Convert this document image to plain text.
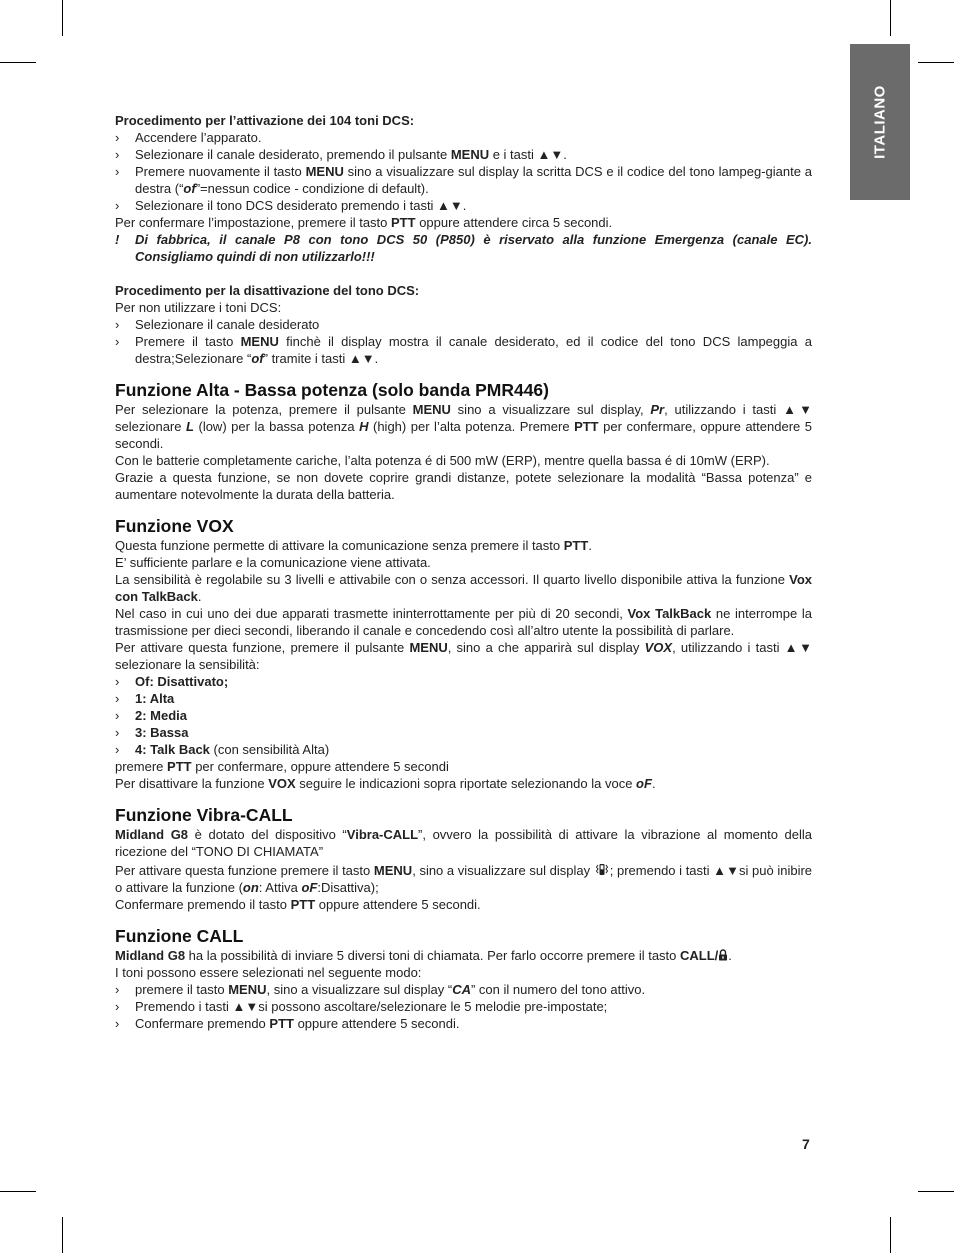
ITALIANO

Procedimento per l’attivazione dei 104 toni DCS:

› Accendere l’apparato.
› Selezionare il canale desiderato, premendo il pulsante MENU e i tasti ▲▼.
› Premere nuovamente il tasto MENU sino a visualizzare sul display la scritta DCS e il codice del tono lampeg-giante a destra (“of”=nessun codice - condizione di default).
› Selezionare il tono DCS desiderato premendo i tasti ▲▼.

Per confermare l’impostazione, premere il tasto PTT oppure attendere circa 5 secondi.

! Di fabbrica, il canale P8 con tono DCS 50 (P850) è riservato alla funzione Emergenza (canale EC). Consigliamo quindi di non utilizzarlo!!!

Procedimento per la disattivazione del tono DCS:

Per non utilizzare i toni DCS:

› Selezionare il canale desiderato
› Premere il tasto MENU finchè il display mostra il canale desiderato, ed il codice del tono DCS lampeggia a destra;Selezionare “of” tramite i tasti ▲▼.
Funzione Alta - Bassa potenza (solo banda PMR446)

Per selezionare la potenza, premere il pulsante MENU sino a visualizzare sul display, Pr, utilizzando i tasti ▲▼ selezionare L (low) per la bassa potenza H (high) per l’alta potenza. Premere PTT per confermare, oppure attendere 5 secondi.

Con le batterie completamente cariche, l’alta potenza é di 500 mW (ERP), mentre quella bassa é di 10mW (ERP).

Grazie a questa funzione, se non dovete coprire grandi distanze, potete selezionare la modalità “Bassa potenza” e aumentare notevolmente la durata della batteria.

Funzione VOX

Questa funzione permette di attivare la comunicazione senza premere il tasto PTT.

E’ sufficiente parlare e la comunicazione viene attivata.

La sensibilità è regolabile su 3 livelli e attivabile con o senza accessori. Il quarto livello disponibile attiva la funzione Vox con TalkBack.

Nel caso in cui uno dei due apparati trasmette ininterrottamente per più di 20 secondi, Vox TalkBack ne interrompe la trasmissione per dieci secondi, liberando il canale e concedendo così all’altro utente la possibilità di parlare.

Per attivare questa funzione, premere il pulsante MENU, sino a che apparirà sul display VOX, utilizzando i tasti ▲▼ selezionare la sensibilità:

› Of: Disattivato;
› 1: Alta
› 2: Media
› 3: Bassa
› 4: Talk Back (con sensibilità Alta)

premere PTT per confermare, oppure attendere 5 secondi

Per disattivare la funzione VOX seguire le indicazioni sopra riportate selezionando la voce oF.

Funzione Vibra-CALL

Midland G8 è dotato del dispositivo “Vibra-CALL”, ovvero la possibilità di attivare la vibrazione al momento della ricezione del “TONO DI CHIAMATA”

Per attivare questa funzione premere il tasto MENU, sino a visualizzare sul display ; premendo i tasti ▲▼si può inibire o attivare la funzione (on: Attiva oF:Disattiva);

Confermare premendo il tasto PTT oppure attendere 5 secondi.

Funzione CALL

Midland G8 ha la possibilità di inviare 5 diversi toni di chiamata. Per farlo occorre premere il tasto CALL/ .

I toni possono essere selezionati nel seguente modo:

› premere il tasto MENU, sino a visualizzare sul display “CA” con il numero del tono attivo.
› Premendo i tasti ▲▼si possono ascoltare/selezionare le 5 melodie pre-impostate;
› Confermare premendo PTT oppure attendere 5 secondi.
7
